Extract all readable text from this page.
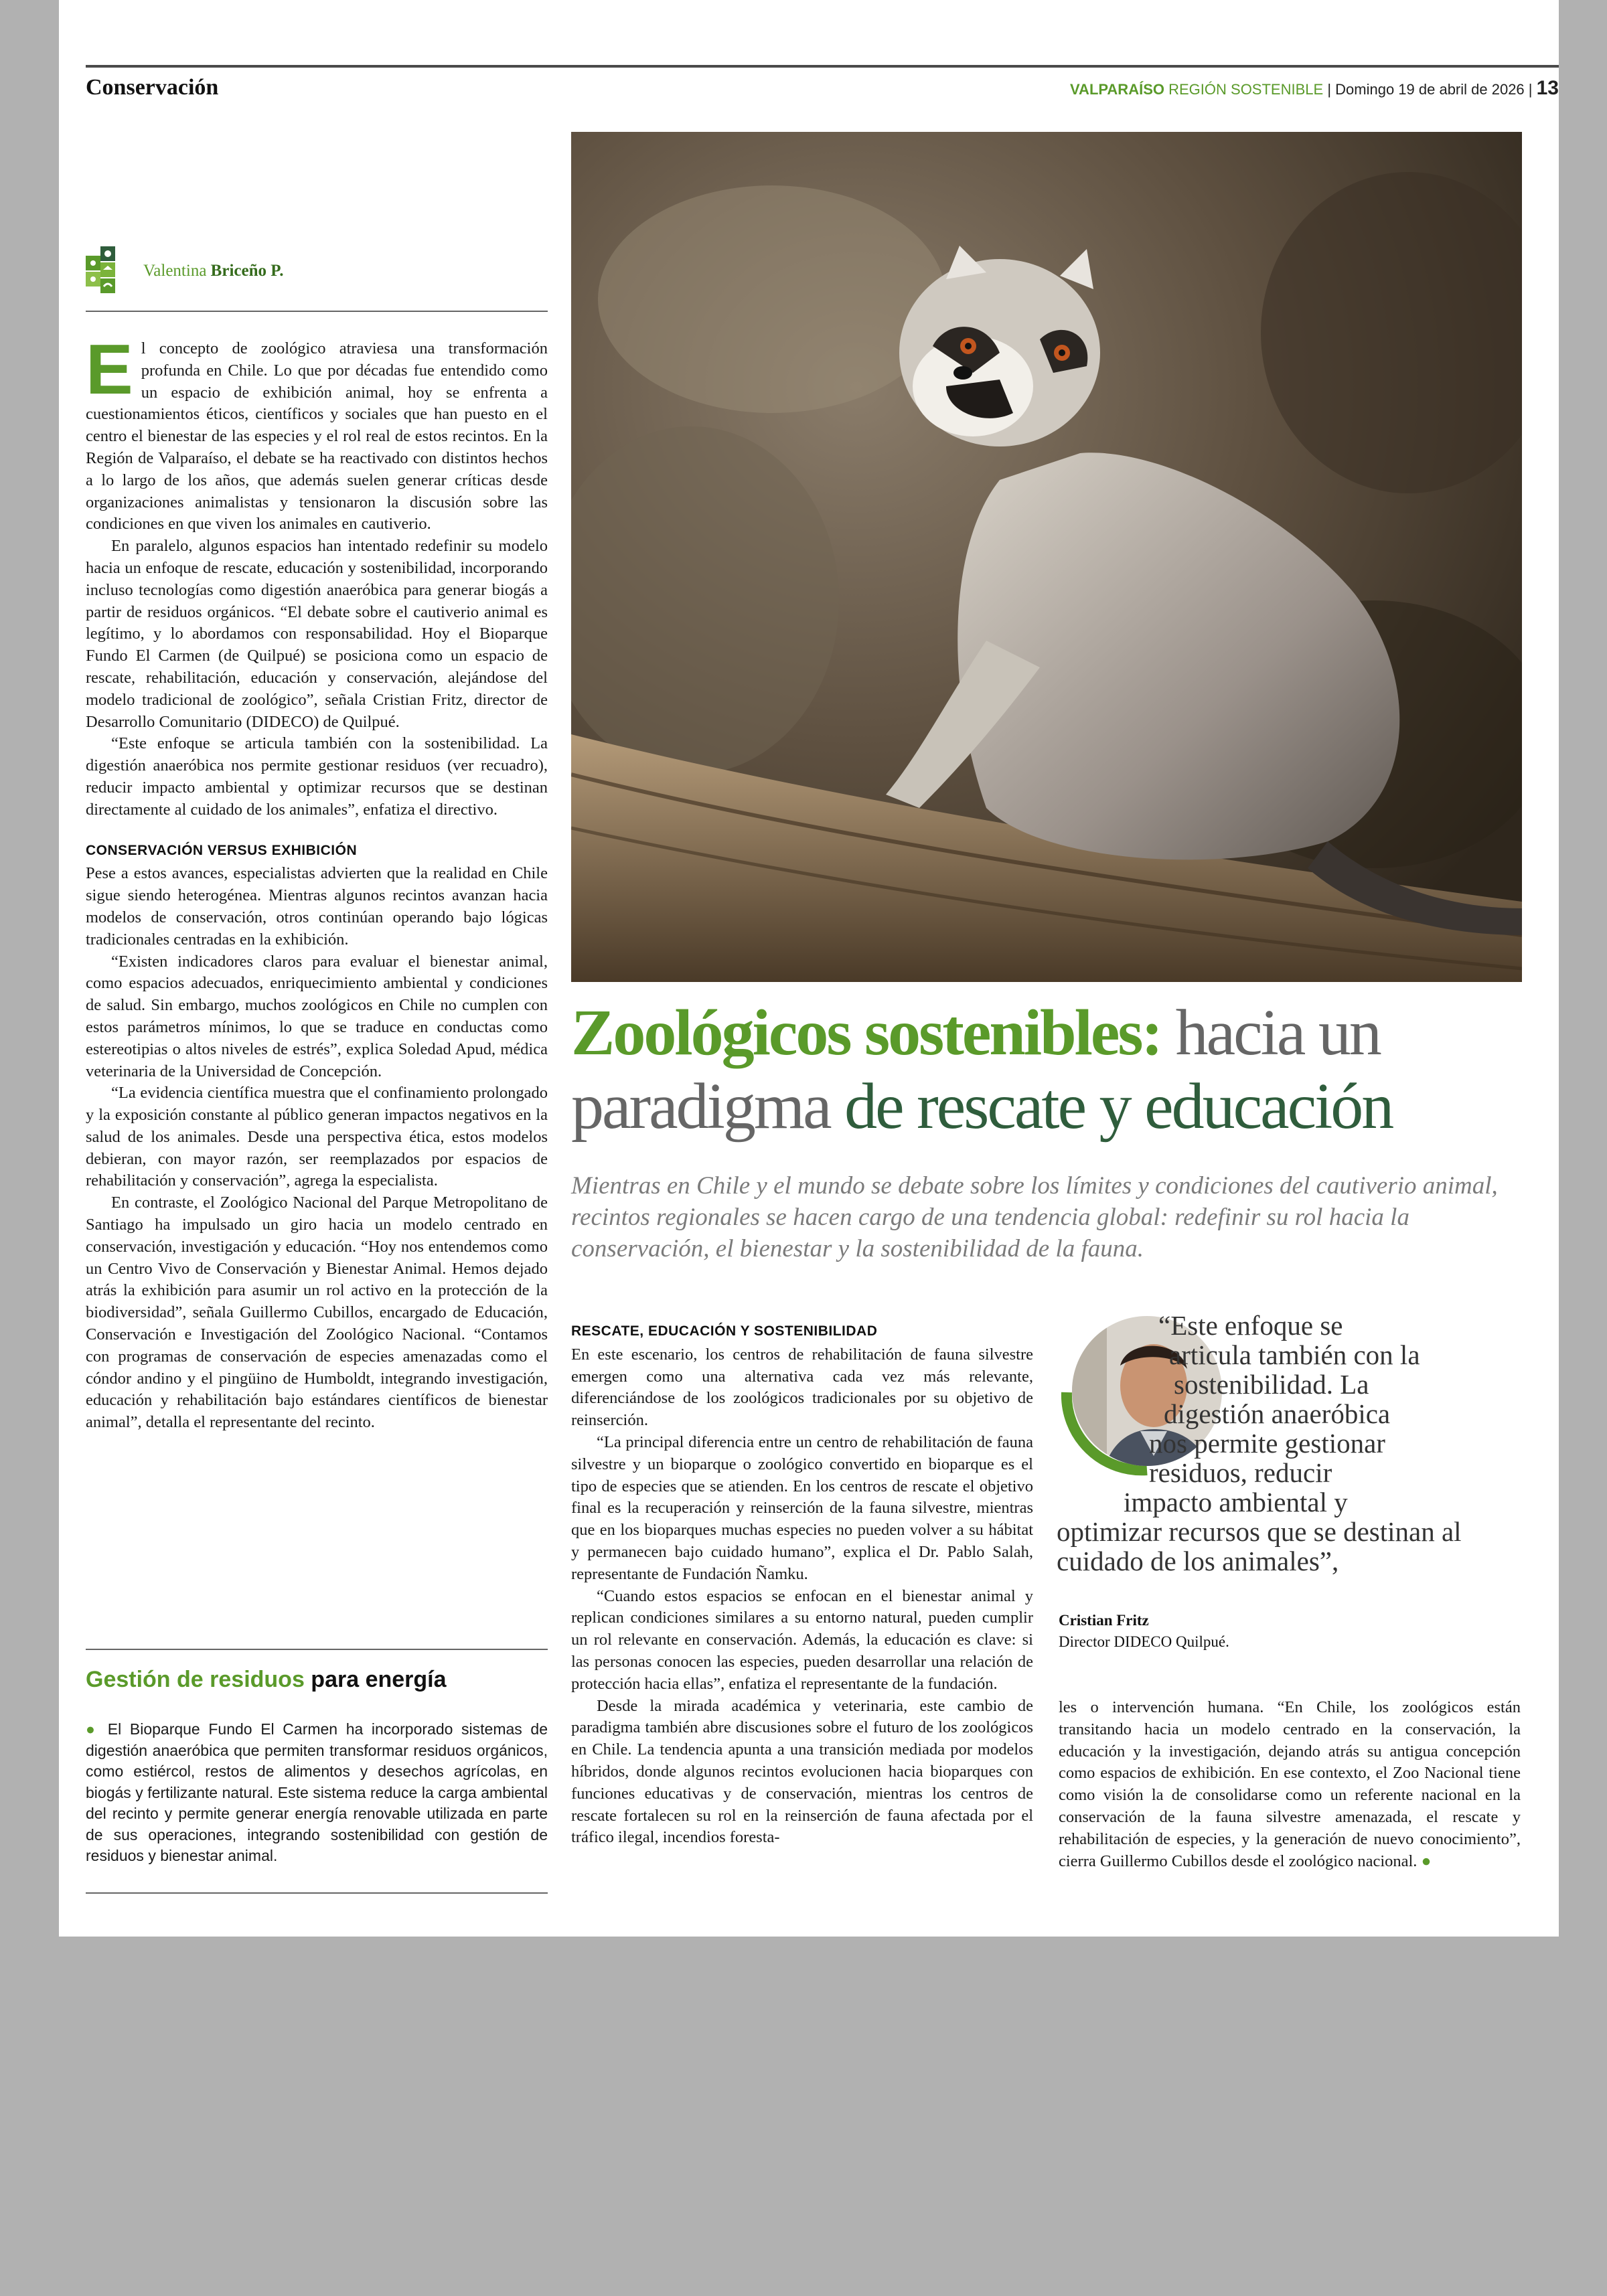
Conservación	VALPARAÍSO REGIÓN SOSTENIBLE | Domingo 19 de abril de 2026 | 13
Valentina
Briceño P.

El concepto de zoológico atraviesa una transformación profunda en Chile. Lo que por décadas fue entendido como un espacio de exhibición animal, hoy se enfrenta a cuestionamientos éticos, científicos y sociales que han puesto en el centro el bienestar de las especies y el rol real de estos recintos. En la Región de Valparaíso, el debate se ha reactivado con distintos hechos a lo largo de los años, que además suelen generar críticas desde organizaciones animalistas y tensionaron la discusión sobre las condiciones en que viven los animales en cautiverio.

En paralelo, algunos espacios han intentado redefinir su modelo hacia un enfoque de rescate, educación y sostenibilidad, incorporando incluso tecnologías como digestión anaeróbica para generar biogás a partir de residuos orgánicos. “El debate sobre el cautiverio animal es legítimo, y lo abordamos con responsabilidad. Hoy el Bioparque Fundo El Carmen (de Quilpué) se posiciona como un espacio de rescate, rehabilitación, educación y conservación, alejándose del modelo tradicional de zoológico”, señala Cristian Fritz, director de Desarrollo Comunitario (DIDECO) de Quilpué.

“Este enfoque se articula también con la sostenibilidad. La digestión anaeróbica nos permite gestionar residuos (ver recuadro), reducir impacto ambiental y optimizar recursos que se destinan directamente al cuidado de los animales”, enfatiza el directivo.

CONSERVACIÓN VERSUS EXHIBICIÓN

Pese a estos avances, especialistas advierten que la realidad en Chile sigue siendo heterogénea. Mientras algunos recintos avanzan hacia modelos de conservación, otros continúan operando bajo lógicas tradicionales centradas en la exhibición.

“Existen indicadores claros para evaluar el bienestar animal, como espacios adecuados, enriquecimiento ambiental y condiciones de salud. Sin embargo, muchos zoológicos en Chile no cumplen con estos parámetros mínimos, lo que se traduce en conductas como estereotipias o altos niveles de estrés”, explica Soledad Apud, médica veterinaria de la Universidad de Concepción.

“La evidencia científica muestra que el confinamiento prolongado y la exposición constante al público generan impactos negativos en la salud de los animales. Desde una perspectiva ética, estos modelos debieran, con mayor razón, ser reemplazados por espacios de rehabilitación y conservación”, agrega la especialista.

En contraste, el Zoológico Nacional del Parque Metropolitano de Santiago ha impulsado un giro hacia un modelo centrado en conservación, investigación y educación. “Hoy nos entendemos como un Centro Vivo de Conservación y Bienestar Animal. Hemos dejado atrás la exhibición para asumir un rol activo en la protección de la biodiversidad”, señala Guillermo Cubillos, encargado de Educación, Conservación e Investigación del Zoológico Nacional. “Contamos con programas de conservación de especies amenazadas como el cóndor andino y el pingüino de Humboldt, integrando investigación, educación y rehabilitación bajo estándares científicos de bienestar animal”, detalla el representante del recinto.

Gestión de residuos para energía

● El Bioparque Fundo El Carmen ha incorporado sistemas de digestión anaeróbica que permiten transformar residuos orgánicos, como estiércol, restos de alimentos y desechos agrícolas, en biogás y fertilizante natural. Este sistema reduce la carga ambiental del recinto y permite generar energía renovable utilizada en parte de sus operaciones, integrando sostenibilidad con gestión de residuos y bienestar animal.

Zoológicos sostenibles: hacia un paradigma de rescate y educación
Mientras en Chile y el mundo se debate sobre los límites y condiciones del cautiverio animal, recintos regionales se hacen cargo de una tendencia global: redefinir su rol hacia la conservación, el bienestar y la sostenibilidad de la fauna.
RESCATE, EDUCACIÓN Y SOSTENIBILIDAD

En este escenario, los centros de rehabilitación de fauna silvestre emergen como una alternativa cada vez más relevante, diferenciándose de los zoológicos tradicionales por su objetivo de reinserción.

“La principal diferencia entre un centro de rehabilitación de fauna silvestre y un bioparque o zoológico convertido en bioparque es el tipo de especies que se atienden. En los centros de rescate el objetivo final es la recuperación y reinserción de la fauna silvestre, mientras que en los bioparques muchas especies no pueden volver a su hábitat y permanecen bajo cuidado humano”, explica el Dr. Pablo Salah, representante de Fundación Ñamku.

“Cuando estos espacios se enfocan en el bienestar animal y replican condiciones similares a su entorno natural, pueden cumplir un rol relevante en conservación. Además, la educación es clave: si las personas conocen las especies, pueden desarrollar una relación de protección hacia ellas”, enfatiza el representante de la fundación.

Desde la mirada académica y veterinaria, este cambio de paradigma también abre discusiones sobre el futuro de los zoológicos en Chile. La tendencia apunta a una transición mediada por modelos híbridos, donde algunos recintos evolucionen hacia bioparques con funciones educativas y de conservación, mientras los centros de rescate fortalecen su rol en la reinserción de fauna afectada por el tráfico ilegal, incendios foresta-

“Este enfoque se
articula también con la
sostenibilidad. La
digestión anaeróbica
nos permite gestionar
residuos, reducir
impacto ambiental y
optimizar recursos que se destinan al
cuidado de los animales”,
Cristian Fritz
Director DIDECO Quilpué.

les o intervención humana. “En Chile, los zoológicos están transitando hacia un modelo centrado en la conservación, la educación y la investigación, dejando atrás su antigua concepción como espacios de exhibición. En ese contexto, el Zoo Nacional tiene como visión la de consolidarse como un referente nacional en la conservación de la fauna silvestre amenazada, el rescate y rehabilitación de especies, y la generación de nuevo conocimiento”, cierra Guillermo Cubillos desde el zoológico nacional. ●
